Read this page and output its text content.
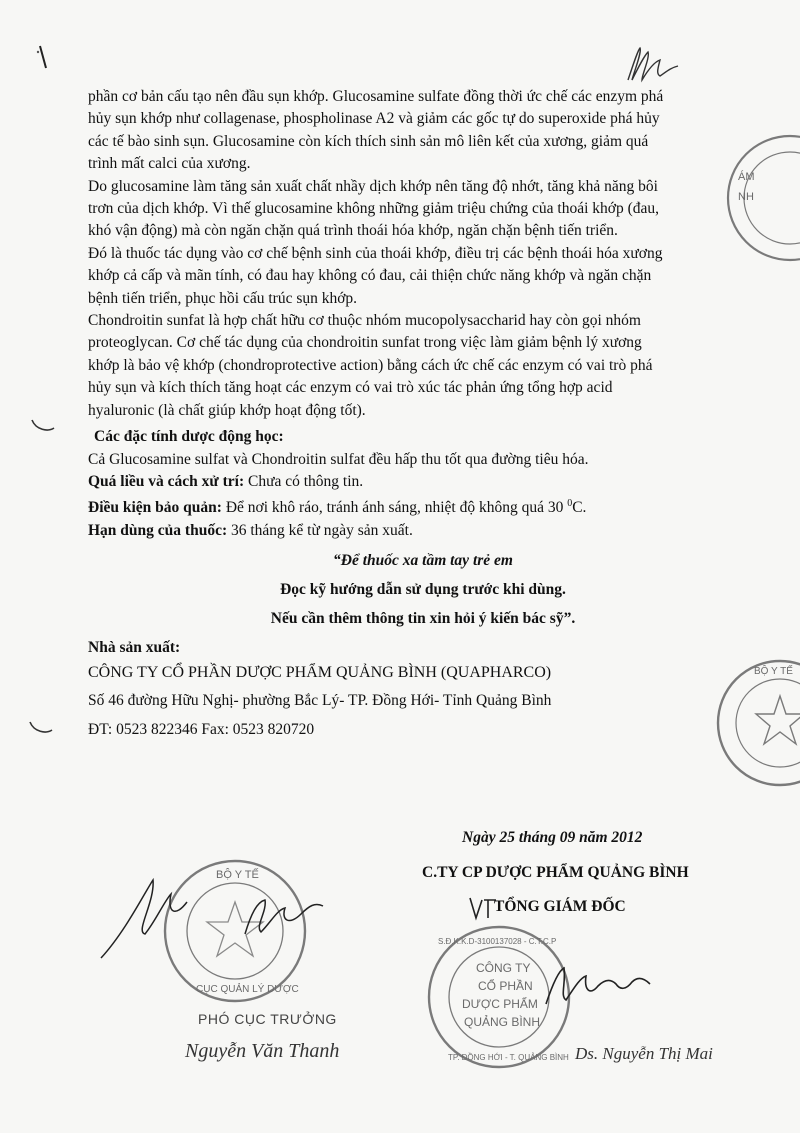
ÁM
NH
BỘ Y TẾ

phần cơ bản cấu tạo nên đầu sụn khớp. Glucosamine sulfate đồng thời ức chế các enzym phá
hủy sụn khớp như collagenase, phospholinase A2 và giảm các gốc tự do superoxide phá hủy
các tế bào sinh sụn. Glucosamine còn kích thích sinh sản mô liên kết của xương, giảm quá
trình mất calci của xương.

Do glucosamine làm tăng sản xuất chất nhầy dịch khớp nên tăng độ nhớt, tăng khả năng bôi
trơn của dịch khớp. Vì thế glucosamine không những giảm triệu chứng của thoái khớp (đau,
khó vận động) mà còn ngăn chặn quá trình thoái hóa khớp, ngăn chặn bệnh tiến triển.

Đó là thuốc tác dụng vào cơ chế bệnh sinh của thoái khớp, điều trị các bệnh thoái hóa xương
khớp cả cấp và mãn tính, có đau hay không có đau, cải thiện chức năng khớp và ngăn chặn
bệnh tiến triển, phục hồi cấu trúc sụn khớp.

Chondroitin sunfat là hợp chất hữu cơ thuộc nhóm mucopolysaccharid hay còn gọi nhóm
proteoglycan. Cơ chế tác dụng của chondroitin sunfat trong việc làm giảm bệnh lý xương
khớp là bảo vệ khớp (chondroprotective action) bằng cách ức chế các enzym có vai trò phá
hủy sụn và kích thích tăng hoạt các enzym có vai trò xúc tác phản ứng tổng hợp acid
hyaluronic (là chất giúp khớp hoạt động tốt).

Các đặc tính dược động học:

Cả Glucosamine sulfat và Chondroitin sulfat đều hấp thu tốt qua đường tiêu hóa.

Quá liều và cách xử trí: Chưa có thông tin.

Điều kiện bảo quản: Để nơi khô ráo, tránh ánh sáng, nhiệt độ không quá 30 $^0$C.

Hạn dùng của thuốc: 36 tháng kể từ ngày sản xuất.

“Để thuốc xa tầm tay trẻ em
Đọc kỹ hướng dẫn sử dụng trước khi dùng.
Nếu cần thêm thông tin xin hỏi ý kiến bác sỹ”.

Nhà sản xuất:

CÔNG TY CỔ PHẦN DƯỢC PHẨM QUẢNG BÌNH (QUAPHARCO)

Số 46 đường Hữu Nghị- phường Bắc Lý- TP. Đồng Hới- Tỉnh Quảng Bình

ĐT: 0523 822346 Fax: 0523 820720

Ngày 25 tháng 09 năm 2012
C.TY CP DƯỢC PHẨM QUẢNG BÌNH
TỔNG GIÁM ĐỐC
BỘ Y TẾ
CỤC QUẢN LÝ DƯỢC
PHÓ CỤC TRƯỞNG
Nguyễn Văn Thanh
CÔNG TY
CỔ PHẦN
DƯỢC PHẨM
QUẢNG BÌNH
S.Đ.K.K.D-3100137028 - C.T.C.P
TP. ĐỒNG HỚI - T. QUẢNG BÌNH Ds. Nguyễn Thị Mai
